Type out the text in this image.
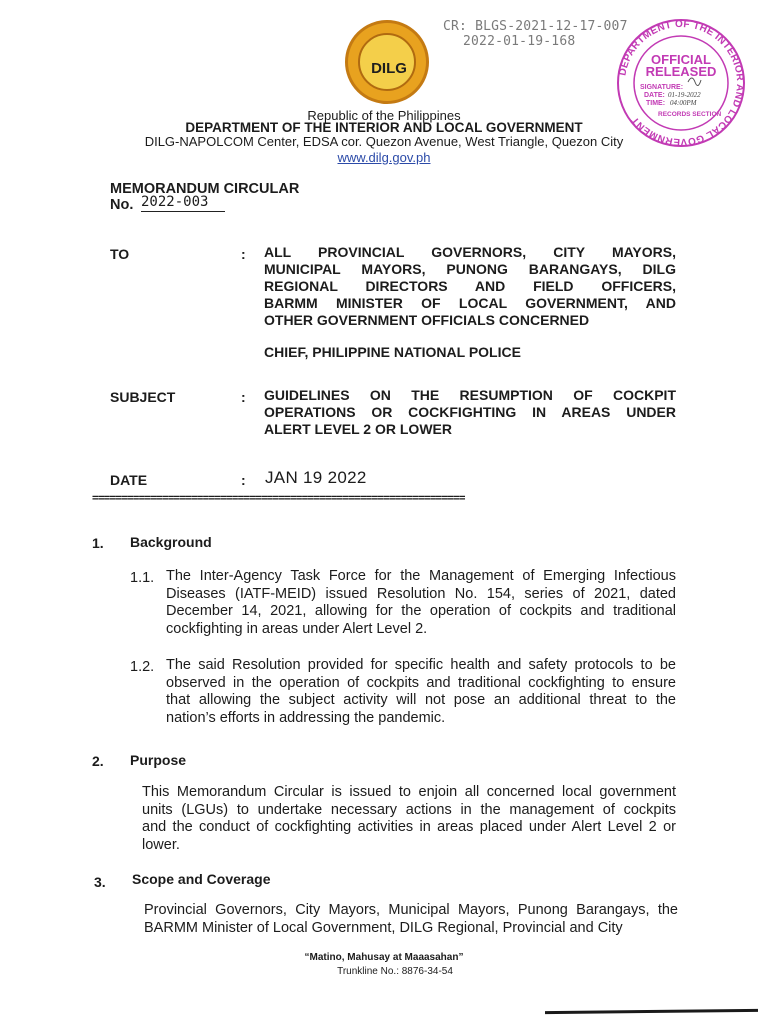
DILG
CR: BLGS-2021-12-17-007
2022-01-19-168
DEPARTMENT OF THE INTERIOR AND LOCAL GOVERNMENT
OFFICIAL
RELEASED
SIGNATURE:
DATE: 01-19-2022
TIME: 04:00PM
RECORDS SECTION
Republic of the Philippines
DEPARTMENT OF THE INTERIOR AND LOCAL GOVERNMENT
DILG-NAPOLCOM Center, EDSA cor. Quezon Avenue, West Triangle, Quezon City
www.dilg.gov.ph
MEMORANDUM CIRCULAR
No. 2022-003
TO	: ALL PROVINCIAL GOVERNORS, CITY MAYORS,
MUNICIPAL MAYORS, PUNONG BARANGAYS, DILG
REGIONAL DIRECTORS AND FIELD OFFICERS,
BARMM MINISTER OF LOCAL GOVERNMENT, AND
OTHER GOVERNMENT OFFICIALS CONCERNED
CHIEF, PHILIPPINE NATIONAL POLICE
SUBJECT	: GUIDELINES ON THE RESUMPTION OF COCKPIT
OPERATIONS OR COCKFIGHTING IN AREAS UNDER
ALERT LEVEL 2 OR LOWER
DATE	: JAN 19 2022
================================================================
1. Background
1.1. The Inter-Agency Task Force for the Management of Emerging Infectious
Diseases (IATF-MEID) issued Resolution No. 154, series of 2021, dated
December 14, 2021, allowing for the operation of cockpits and traditional
cockfighting in areas under Alert Level 2.
1.2. The said Resolution provided for specific health and safety protocols to be
observed in the operation of cockpits and traditional cockfighting to ensure
that allowing the subject activity will not pose an additional threat to the
nation’s efforts in addressing the pandemic.
2. Purpose
This Memorandum Circular is issued to enjoin all concerned local government
units (LGUs) to undertake necessary actions in the management of cockpits
and the conduct of cockfighting activities in areas placed under Alert Level 2 or
lower.
3. Scope and Coverage
Provincial Governors, City Mayors, Municipal Mayors, Punong Barangays, the
BARMM Minister of Local Government, DILG Regional, Provincial and City
“Matino, Mahusay at Maaasahan”
Trunkline No.: 8876-34-54
